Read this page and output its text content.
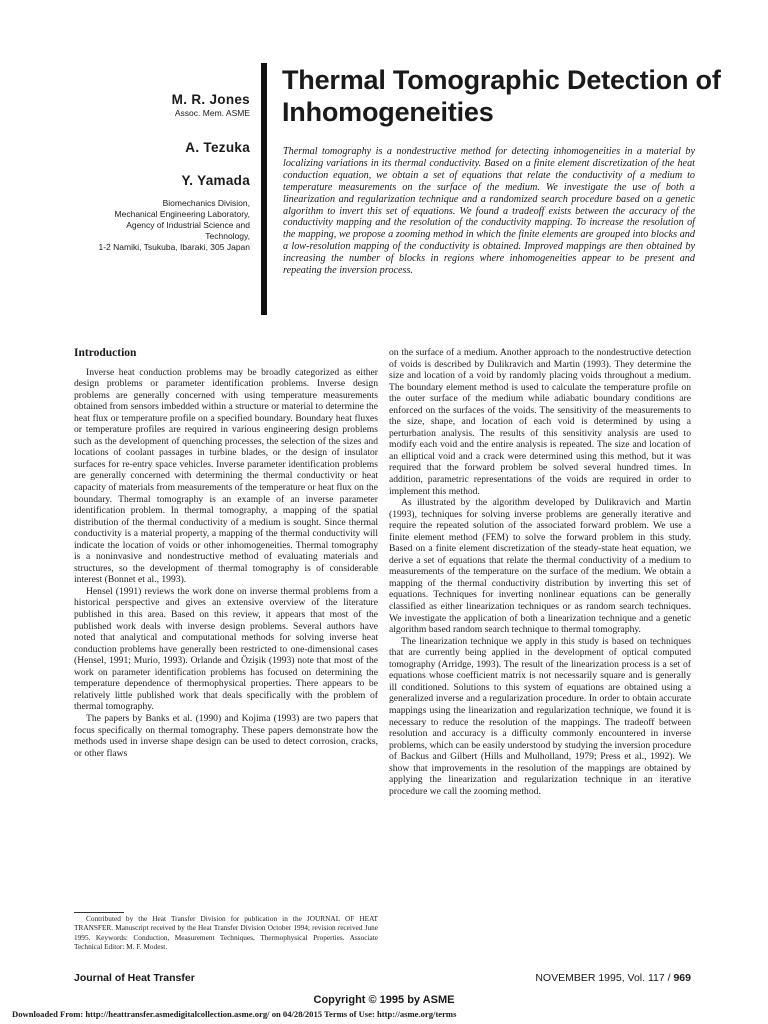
M. R. Jones
Assoc. Mem. ASME
A. Tezuka
Y. Yamada
Biomechanics Division,
Mechanical Engineering Laboratory,
Agency of Industrial Science and
Technology,
1-2 Namiki, Tsukuba, Ibaraki, 305 Japan
Thermal Tomographic Detection of Inhomogeneities
Thermal tomography is a nondestructive method for detecting inhomogeneities in a material by localizing variations in its thermal conductivity. Based on a finite element discretization of the heat conduction equation, we obtain a set of equations that relate the conductivity of a medium to temperature measurements on the surface of the medium. We investigate the use of both a linearization and regularization technique and a randomized search procedure based on a genetic algorithm to invert this set of equations. We found a tradeoff exists between the accuracy of the conductivity mapping and the resolution of the conductivity mapping. To increase the resolution of the mapping, we propose a zooming method in which the finite elements are grouped into blocks and a low-resolution mapping of the conductivity is obtained. Improved mappings are then obtained by increasing the number of blocks in regions where inhomogeneities appear to be present and repeating the inversion process.
Introduction

Inverse heat conduction problems may be broadly categorized as either design problems or parameter identification problems. Inverse design problems are generally concerned with using temperature measurements obtained from sensors imbedded within a structure or material to determine the heat flux or temperature profile on a specified boundary. Boundary heat fluxes or temperature profiles are required in various engineering design problems such as the development of quenching processes, the selection of the sizes and locations of coolant passages in turbine blades, or the design of insulator surfaces for re-entry space vehicles. Inverse parameter identification problems are generally concerned with determining the thermal conductivity or heat capacity of materials from measurements of the temperature or heat flux on the boundary. Thermal tomography is an example of an inverse parameter identification problem. In thermal tomography, a mapping of the spatial distribution of the thermal conductivity of a medium is sought. Since thermal conductivity is a material property, a mapping of the thermal conductivity will indicate the location of voids or other inhomogeneities. Thermal tomography is a noninvasive and nondestructive method of evaluating materials and structures, so the development of thermal tomography is of considerable interest (Bonnet et al., 1993).

Hensel (1991) reviews the work done on inverse thermal problems from a historical perspective and gives an extensive overview of the literature published in this area. Based on this review, it appears that most of the published work deals with inverse design problems. Several authors have noted that analytical and computational methods for solving inverse heat conduction problems have generally been restricted to one-dimensional cases (Hensel, 1991; Murio, 1993). Orlande and Özişik (1993) note that most of the work on parameter identification problems has focused on determining the temperature dependence of thermophysical properties. There appears to be relatively little published work that deals specifically with the problem of thermal tomography.

The papers by Banks et al. (1990) and Kojima (1993) are two papers that focus specifically on thermal tomography. These papers demonstrate how the methods used in inverse shape design can be used to detect corrosion, cracks, or other flaws

on the surface of a medium. Another approach to the nondestructive detection of voids is described by Dulikravich and Martin (1993). They determine the size and location of a void by randomly placing voids throughout a medium. The boundary element method is used to calculate the temperature profile on the outer surface of the medium while adiabatic boundary conditions are enforced on the surfaces of the voids. The sensitivity of the measurements to the size, shape, and location of each void is determined by using a perturbation analysis. The results of this sensitivity analysis are used to modify each void and the entire analysis is repeated. The size and location of an elliptical void and a crack were determined using this method, but it was required that the forward problem be solved several hundred times. In addition, parametric representations of the voids are required in order to implement this method.

As illustrated by the algorithm developed by Dulikravich and Martin (1993), techniques for solving inverse problems are generally iterative and require the repeated solution of the associated forward problem. We use a finite element method (FEM) to solve the forward problem in this study. Based on a finite element discretization of the steady-state heat equation, we derive a set of equations that relate the thermal conductivity of a medium to measurements of the temperature on the surface of the medium. We obtain a mapping of the thermal conductivity distribution by inverting this set of equations. Techniques for inverting nonlinear equations can be generally classified as either linearization techniques or as random search techniques. We investigate the application of both a linearization technique and a genetic algorithm based random search technique to thermal tomography.

The linearization technique we apply in this study is based on techniques that are currently being applied in the development of optical computed tomography (Arridge, 1993). The result of the linearization process is a set of equations whose coefficient matrix is not necessarily square and is generally ill conditioned. Solutions to this system of equations are obtained using a generalized inverse and a regularization procedure. In order to obtain accurate mappings using the linearization and regularization technique, we found it is necessary to reduce the resolution of the mappings. The tradeoff between resolution and accuracy is a difficulty commonly encountered in inverse problems, which can be easily understood by studying the inversion procedure of Backus and Gilbert (Hills and Mulholland, 1979; Press et al., 1992). We show that improvements in the resolution of the mappings are obtained by applying the linearization and regularization technique in an iterative procedure we call the zooming method.

Contributed by the Heat Transfer Division for publication in the JOURNAL OF HEAT TRANSFER. Manuscript received by the Heat Transfer Division October 1994; revision received June 1995. Keywords: Conduction, Measurement Techniques, Thermophysical Properties. Associate Technical Editor: M. F. Modest.
Journal of Heat Transfer	NOVEMBER 1995, Vol. 117 / 969
Copyright © 1995 by ASME
Downloaded From: http://heattransfer.asmedigitalcollection.asme.org/ on 04/28/2015 Terms of Use: http://asme.org/terms
